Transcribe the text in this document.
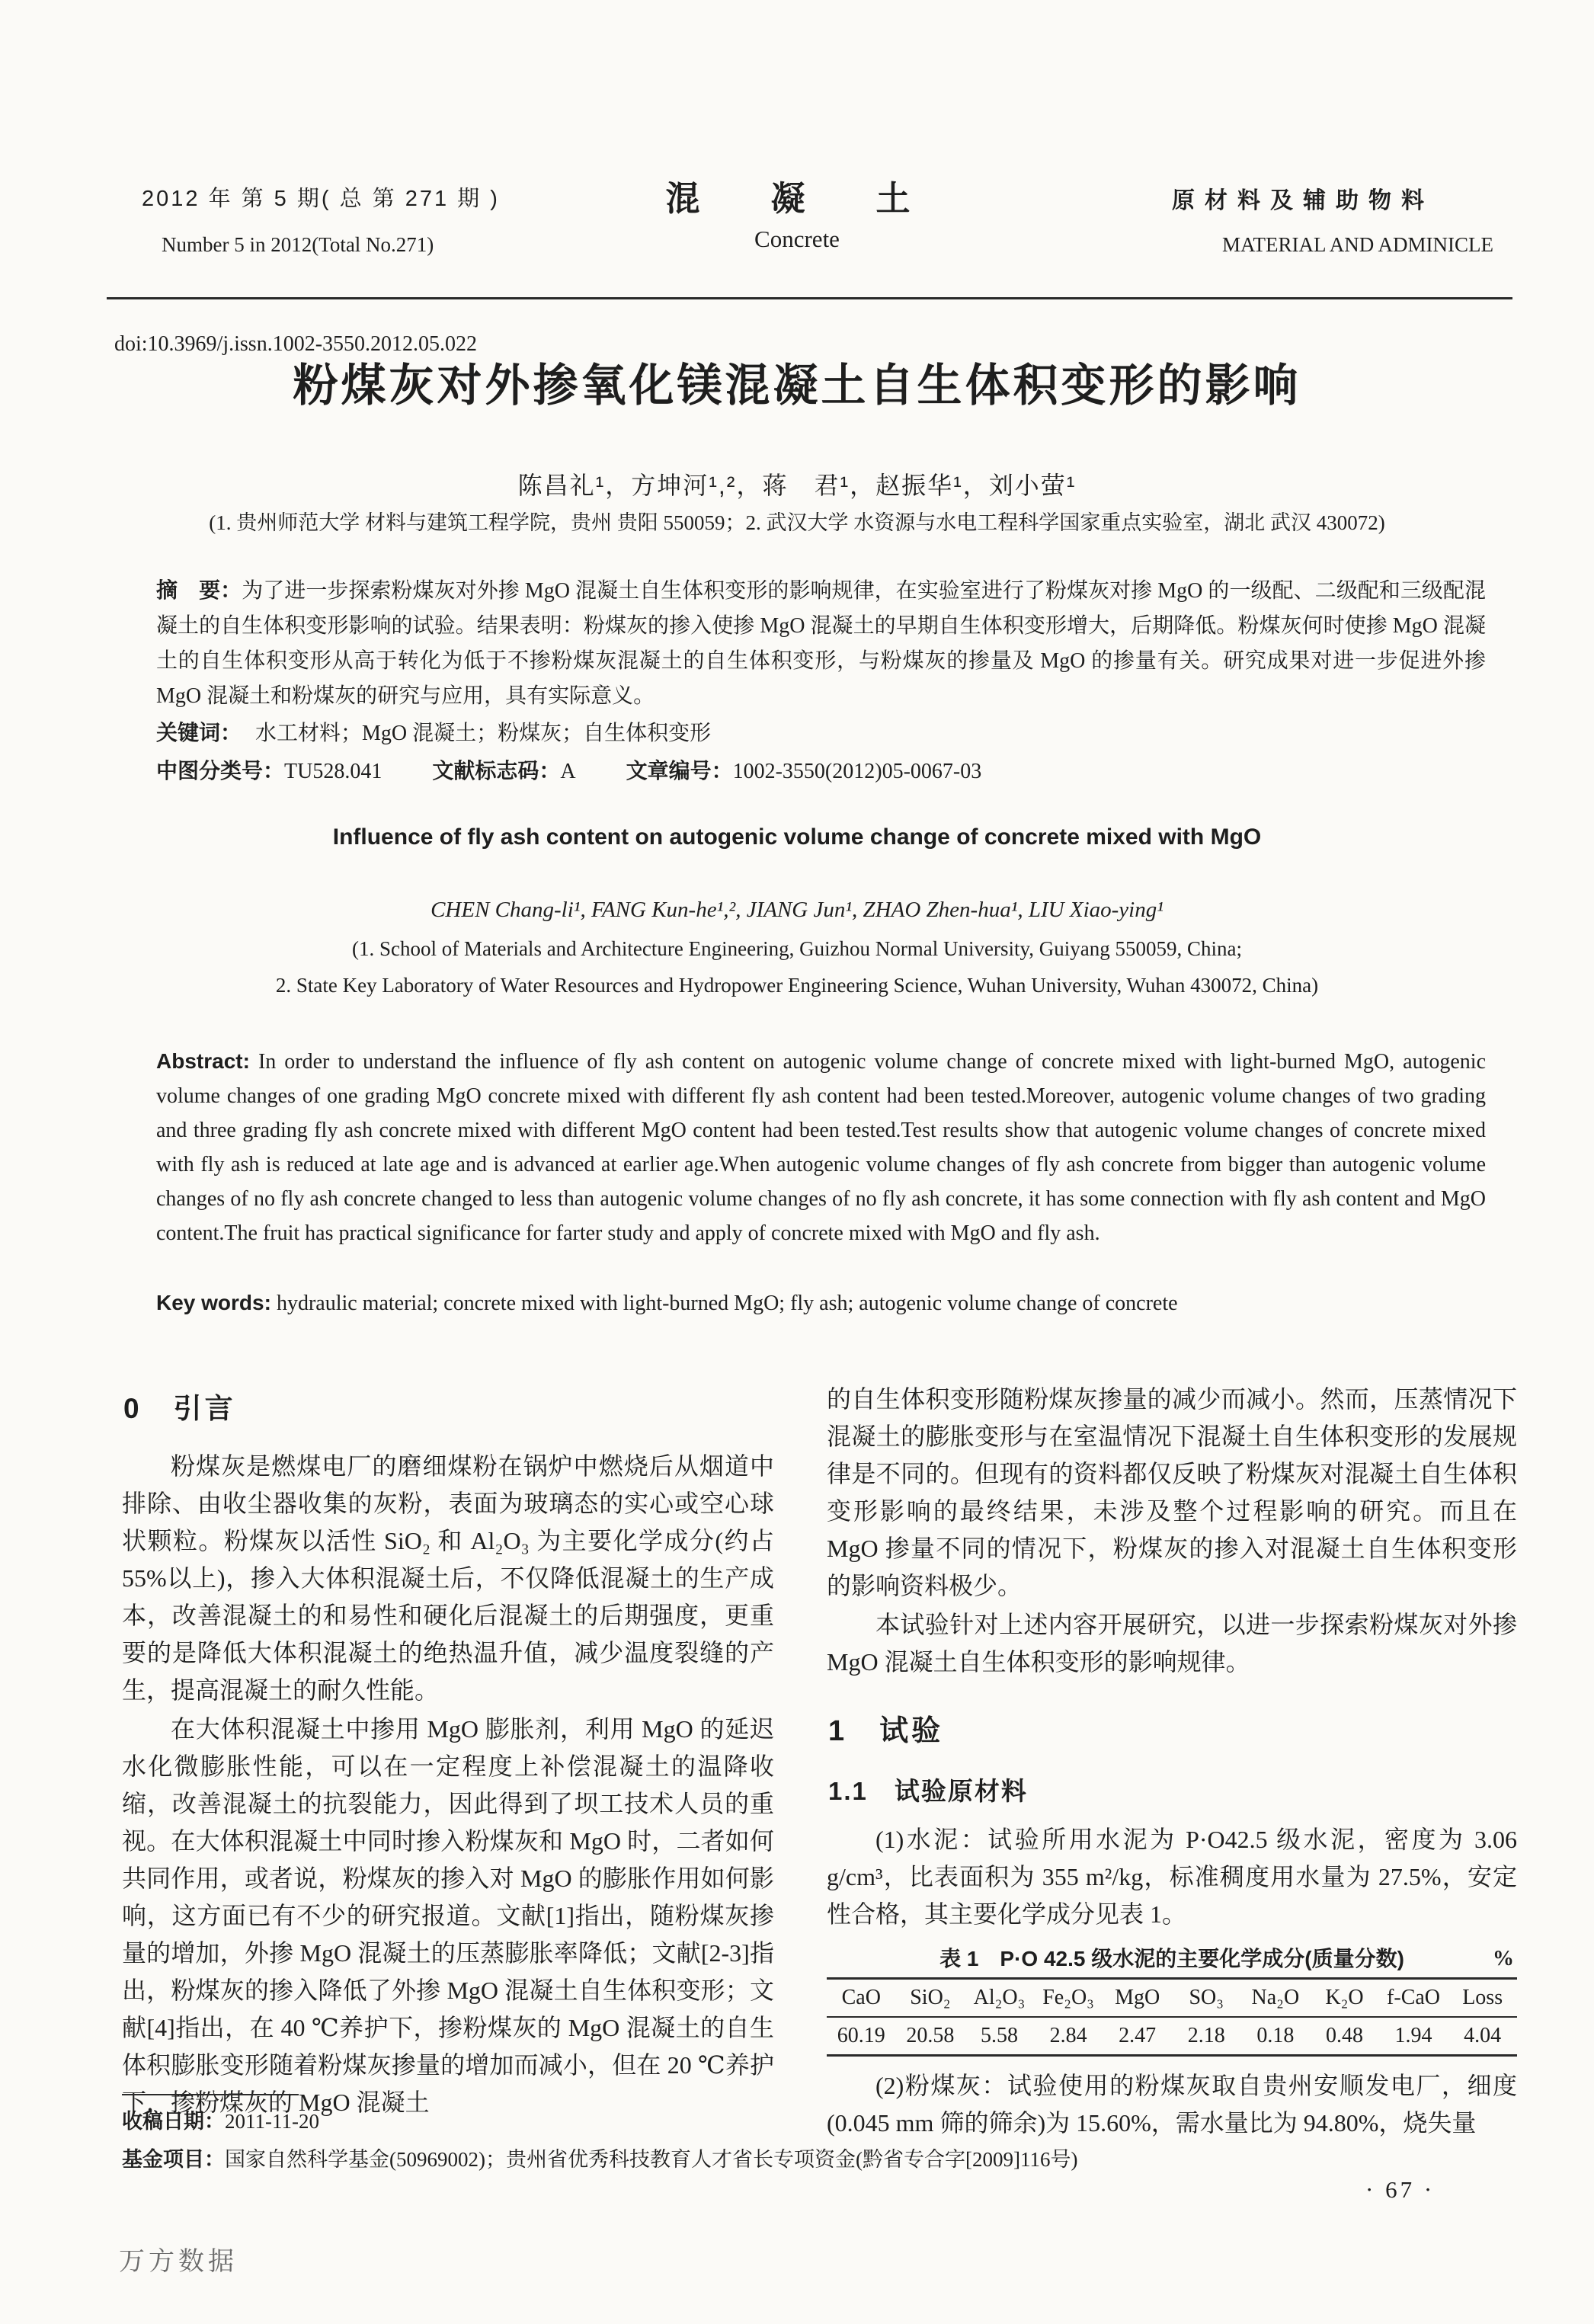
2012 年 第 5 期( 总 第 271 期 )
Number 5 in 2012(Total No.271)
混　凝　土
Concrete
原材料及辅助物料
MATERIAL AND ADMINICLE
doi:10.3969/j.issn.1002-3550.2012.05.022
粉煤灰对外掺氧化镁混凝土自生体积变形的影响
陈昌礼¹，方坤河¹,²，蒋　君¹，赵振华¹，刘小萤¹
(1. 贵州师范大学 材料与建筑工程学院，贵州 贵阳 550059；2. 武汉大学 水资源与水电工程科学国家重点实验室，湖北 武汉 430072)

摘　要：为了进一步探索粉煤灰对外掺 MgO 混凝土自生体积变形的影响规律，在实验室进行了粉煤灰对掺 MgO 的一级配、二级配和三级配混凝土的自生体积变形影响的试验。结果表明：粉煤灰的掺入使掺 MgO 混凝土的早期自生体积变形增大，后期降低。粉煤灰何时使掺 MgO 混凝土的自生体积变形从高于转化为低于不掺粉煤灰混凝土的自生体积变形，与粉煤灰的掺量及 MgO 的掺量有关。研究成果对进一步促进外掺 MgO 混凝土和粉煤灰的研究与应用，具有实际意义。

关键词： 水工材料；MgO 混凝土；粉煤灰；自生体积变形

中图分类号：TU528.041 文献标志码：A 文章编号：1002-3550(2012)05-0067-03

Influence of fly ash content on autogenic volume change of concrete mixed with MgO
CHEN Chang-li¹, FANG Kun-he¹,², JIANG Jun¹, ZHAO Zhen-hua¹, LIU Xiao-ying¹
(1. School of Materials and Architecture Engineering, Guizhou Normal University, Guiyang 550059, China;
2. State Key Laboratory of Water Resources and Hydropower Engineering Science, Wuhan University, Wuhan 430072, China)

Abstract: In order to understand the influence of fly ash content on autogenic volume change of concrete mixed with light-burned MgO, autogenic volume changes of one grading MgO concrete mixed with different fly ash content had been tested.Moreover, autogenic volume changes of two grading and three grading fly ash concrete mixed with different MgO content had been tested.Test results show that autogenic volume changes of concrete mixed with fly ash is reduced at late age and is advanced at earlier age.When autogenic volume changes of fly ash concrete from bigger than autogenic volume changes of no fly ash concrete changed to less than autogenic volume changes of no fly ash concrete, it has some connection with fly ash content and MgO content.The fruit has practical significance for farter study and apply of concrete mixed with MgO and fly ash.

Key words: hydraulic material; concrete mixed with light-burned MgO; fly ash; autogenic volume change of concrete

0　引言

粉煤灰是燃煤电厂的磨细煤粉在锅炉中燃烧后从烟道中排除、由收尘器收集的灰粉，表面为玻璃态的实心或空心球状颗粒。粉煤灰以活性 SiO₂ 和 Al₂O₃ 为主要化学成分(约占 55%以上)，掺入大体积混凝土后，不仅降低混凝土的生产成本，改善混凝土的和易性和硬化后混凝土的后期强度，更重要的是降低大体积混凝土的绝热温升值，减少温度裂缝的产生，提高混凝土的耐久性能。

在大体积混凝土中掺用 MgO 膨胀剂，利用 MgO 的延迟水化微膨胀性能，可以在一定程度上补偿混凝土的温降收缩，改善混凝土的抗裂能力，因此得到了坝工技术人员的重视。在大体积混凝土中同时掺入粉煤灰和 MgO 时，二者如何共同作用，或者说，粉煤灰的掺入对 MgO 的膨胀作用如何影响，这方面已有不少的研究报道。文献[1]指出，随粉煤灰掺量的增加，外掺 MgO 混凝土的压蒸膨胀率降低；文献[2-3]指出，粉煤灰的掺入降低了外掺 MgO 混凝土自生体积变形；文献[4]指出，在 40 ℃养护下，掺粉煤灰的 MgO 混凝土的自生体积膨胀变形随着粉煤灰掺量的增加而减小，但在 20 ℃养护下，掺粉煤灰的 MgO 混凝土

的自生体积变形随粉煤灰掺量的减少而减小。然而，压蒸情况下混凝土的膨胀变形与在室温情况下混凝土自生体积变形的发展规律是不同的。但现有的资料都仅反映了粉煤灰对混凝土自生体积变形影响的最终结果，未涉及整个过程影响的研究。而且在 MgO 掺量不同的情况下，粉煤灰的掺入对混凝土自生体积变形的影响资料极少。

本试验针对上述内容开展研究，以进一步探索粉煤灰对外掺 MgO 混凝土自生体积变形的影响规律。

1　试验
1.1　试验原材料

(1)水泥：试验所用水泥为 P·O42.5 级水泥，密度为 3.06 g/cm³，比表面积为 355 m²/kg，标准稠度用水量为 27.5%，安定性合格，其主要化学成分见表 1。

表 1　P·O 42.5 级水泥的主要化学成分(质量分数)	%
CaO	SiO₂	Al₂O₃ Fe₂O₃ MgO	SO₃	Na₂O	K₂O	f-CaO	Loss
60.19 20.58	5.58	2.84	2.47	2.18	0.18	0.48	1.94	4.04

(2)粉煤灰：试验使用的粉煤灰取自贵州安顺发电厂，细度(0.045 mm 筛的筛余)为 15.60%，需水量比为 94.80%，烧失量

收稿日期：2011-11-20

基金项目：国家自然科学基金(50969002)；贵州省优秀科技教育人才省长专项资金(黔省专合字[2009]116号)

· 67 ·
万方数据
